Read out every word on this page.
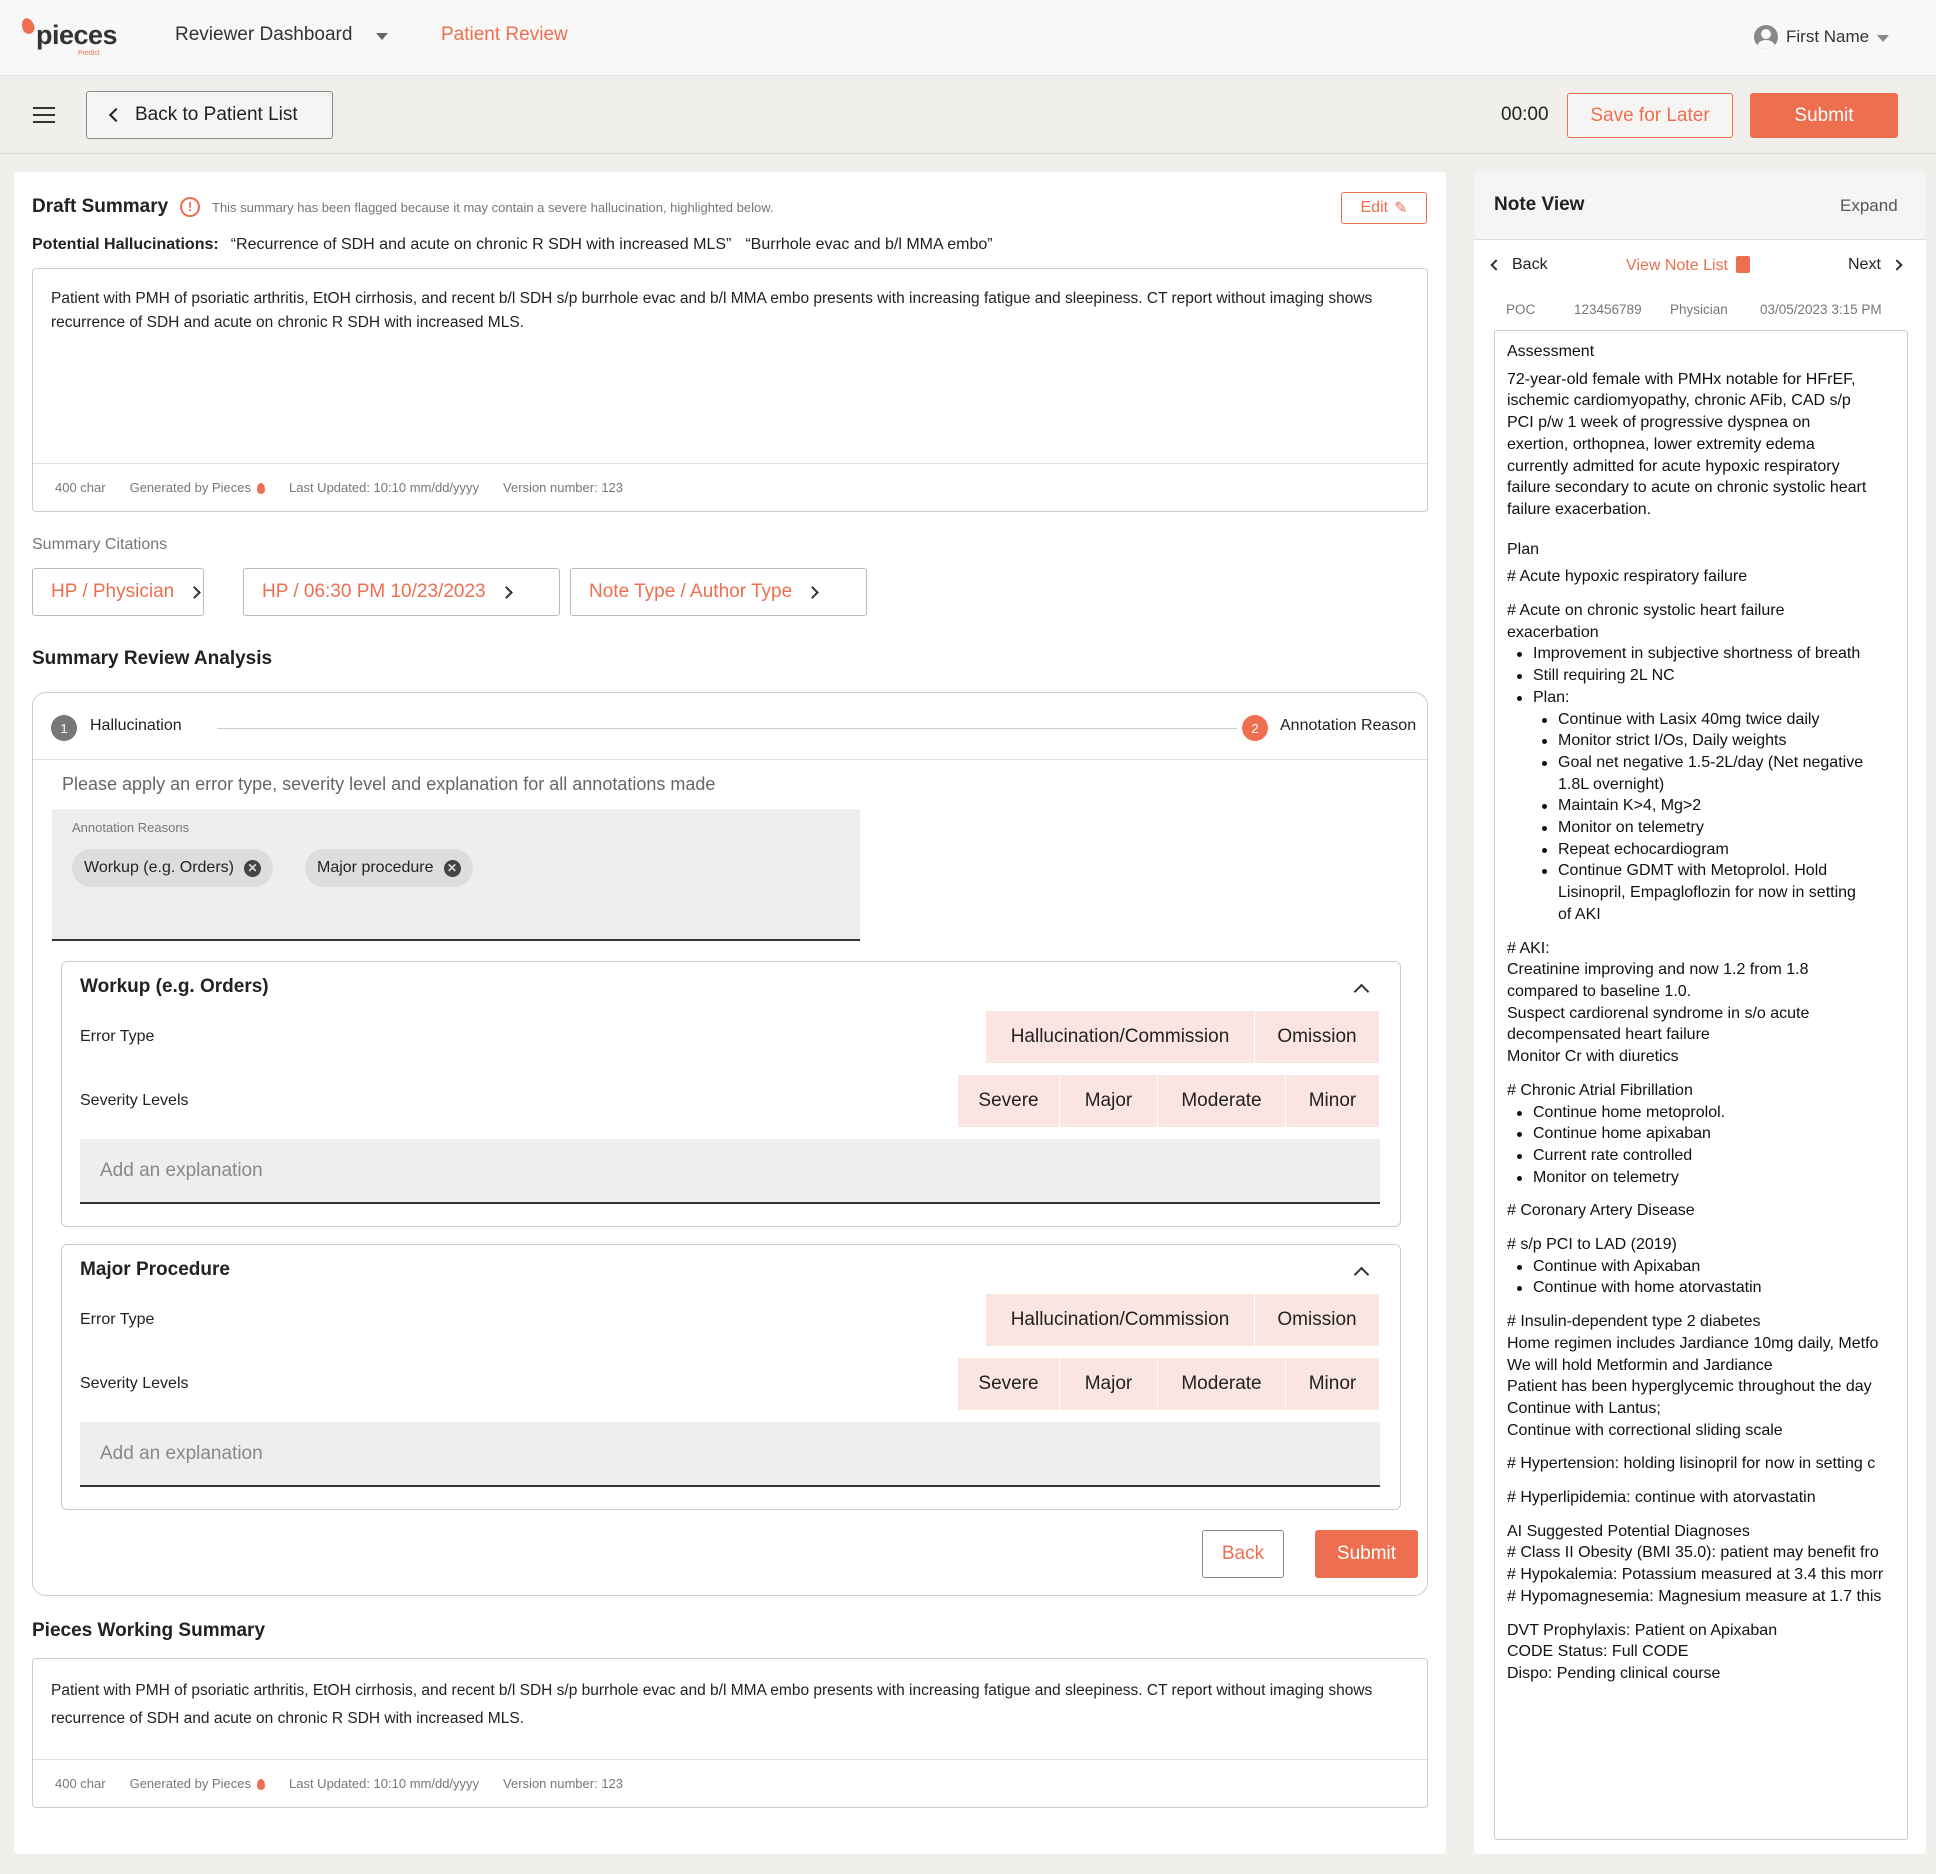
pieces
Predict
Reviewer Dashboard	Patient Review	First Name
Back to Patient List	00:00	Save for Later	Submit
Draft Summary	!	This summary has been flagged because it may contain a severe hallucination, highlighted below.	Edit ✎
Potential Hallucinations: “Recurrence of SDH and acute on chronic R SDH with increased MLS” “Burrhole evac and b/l MMA embo”
Patient with PMH of psoriatic arthritis, EtOH cirrhosis, and recent b/l SDH s/p burrhole evac and b/l MMA embo presents with increasing fatigue and sleepiness. CT report without imaging shows recurrence of SDH and acute on chronic R SDH with increased MLS.
400 char Generated by Pieces	Last Updated: 10:10 mm/dd/yyyy Version number: 123
Summary Citations
HP / Physician	HP / 06:30 PM 10/23/2023	Note Type / Author Type
Summary Review Analysis
1	Hallucination	2	Annotation Reason
Please apply an error type, severity level and explanation for all annotations made
Annotation Reasons
Workup (e.g. Orders) ✕	Major procedure ✕
Workup (e.g. Orders)
Error Type	Hallucination/Commission	Omission
Severity Levels	Severe	Major	Moderate	Minor
Add an explanation
Major Procedure
Error Type	Hallucination/Commission	Omission
Severity Levels	Severe	Major	Moderate	Minor
Add an explanation
Back	Submit
Pieces Working Summary
Patient with PMH of psoriatic arthritis, EtOH cirrhosis, and recent b/l SDH s/p burrhole evac and b/l MMA embo presents with increasing fatigue and sleepiness. CT report without imaging shows recurrence of SDH and acute on chronic R SDH with increased MLS.
400 char Generated by Pieces	Last Updated: 10:10 mm/dd/yyyy Version number: 123
Note View	Expand
Back	View Note List	Next
POC	123456789 Physician 03/05/2023 3:15 PM
Assessment
72-year-old female with PMHx notable for HFrEF,
ischemic cardiomyopathy, chronic AFib, CAD s/p
PCI p/w 1 week of progressive dyspnea on
exertion, orthopnea, lower extremity edema
currently admitted for acute hypoxic respiratory
failure secondary to acute on chronic systolic heart
failure exacerbation.
Plan
# Acute hypoxic respiratory failure
# Acute on chronic systolic heart failure
exacerbation
Improvement in subjective shortness of breath
Still requiring 2L NC
Plan:
Continue with Lasix 40mg twice daily
Monitor strict I/Os, Daily weights
Goal net negative 1.5-2L/day (Net negative
1.8L overnight)
Maintain K>4, Mg>2
Monitor on telemetry
Repeat echocardiogram
Continue GDMT with Metoprolol. Hold
Lisinopril, Empagloflozin for now in setting
of AKI
# AKI:
Creatinine improving and now 1.2 from 1.8
compared to baseline 1.0.
Suspect cardiorenal syndrome in s/o acute
decompensated heart failure
Monitor Cr with diuretics
# Chronic Atrial Fibrillation
Continue home metoprolol.
Continue home apixaban
Current rate controlled
Monitor on telemetry
# Coronary Artery Disease
# s/p PCI to LAD (2019)
Continue with Apixaban
Continue with home atorvastatin
# Insulin-dependent type 2 diabetes
Home regimen includes Jardiance 10mg daily, Metfo
We will hold Metformin and Jardiance
Patient has been hyperglycemic throughout the day
Continue with Lantus;
Continue with correctional sliding scale
# Hypertension: holding lisinopril for now in setting c
# Hyperlipidemia: continue with atorvastatin
AI Suggested Potential Diagnoses
# Class II Obesity (BMI 35.0): patient may benefit fro
# Hypokalemia: Potassium measured at 3.4 this morr
# Hypomagnesemia: Magnesium measure at 1.7 this
DVT Prophylaxis: Patient on Apixaban
CODE Status: Full CODE
Dispo: Pending clinical course
